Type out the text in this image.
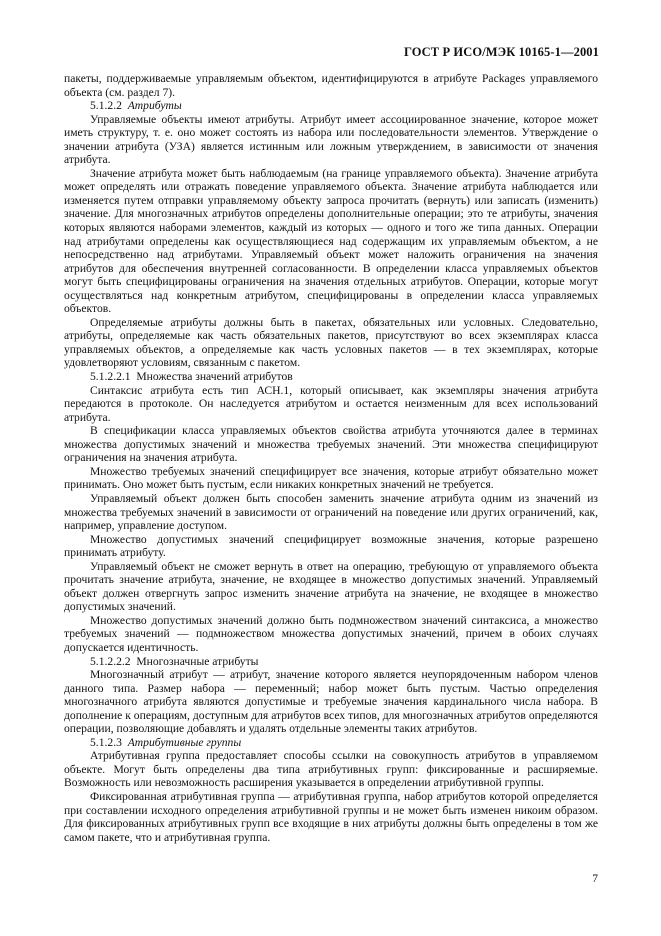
ГОСТ Р ИСО/МЭК 10165-1—2001

пакеты, поддерживаемые управляемым объектом, идентифицируются в атрибуте Packages управляемого объекта (см. раздел 7).

5.1.2.2 Атрибуты

Управляемые объекты имеют атрибуты. Атрибут имеет ассоциированное значение, которое может иметь структуру, т. е. оно может состоять из набора или последовательности элементов. Утверждение о значении атрибута (УЗА) является истинным или ложным утверждением, в зависимости от значения атрибута.

Значение атрибута может быть наблюдаемым (на границе управляемого объекта). Значение атрибута может определять или отражать поведение управляемого объекта. Значение атрибута наблюдается или изменяется путем отправки управляемому объекту запроса прочитать (вернуть) или записать (изменить) значение. Для многозначных атрибутов определены дополнительные операции; это те атрибуты, значения которых являются наборами элементов, каждый из которых — одного и того же типа данных. Операции над атрибутами определены как осуществляющиеся над содержащим их управляемым объектом, а не непосредственно над атрибутами. Управляемый объект может наложить ограничения на значения атрибутов для обеспечения внутренней согласованности. В определении класса управляемых объектов могут быть специфицированы ограничения на значения отдельных атрибутов. Операции, которые могут осуществляться над конкретным атрибутом, специфицированы в определении класса управляемых объектов.

Определяемые атрибуты должны быть в пакетах, обязательных или условных. Следовательно, атрибуты, определяемые как часть обязательных пакетов, присутствуют во всех экземплярах класса управляемых объектов, а определяемые как часть условных пакетов — в тех экземплярах, которые удовлетворяют условиям, связанным с пакетом.

5.1.2.2.1 Множества значений атрибутов

Синтаксис атрибута есть тип АСН.1, который описывает, как экземпляры значения атрибута передаются в протоколе. Он наследуется атрибутом и остается неизменным для всех использований атрибута.

В спецификации класса управляемых объектов свойства атрибута уточняются далее в терминах множества допустимых значений и множества требуемых значений. Эти множества специфицируют ограничения на значения атрибута.

Множество требуемых значений специфицирует все значения, которые атрибут обязательно может принимать. Оно может быть пустым, если никаких конкретных значений не требуется.

Управляемый объект должен быть способен заменить значение атрибута одним из значений из множества требуемых значений в зависимости от ограничений на поведение или других ограничений, как, например, управление доступом.

Множество допустимых значений специфицирует возможные значения, которые разрешено принимать атрибуту.

Управляемый объект не сможет вернуть в ответ на операцию, требующую от управляемого объекта прочитать значение атрибута, значение, не входящее в множество допустимых значений. Управляемый объект должен отвергнуть запрос изменить значение атрибута на значение, не входящее в множество допустимых значений.

Множество допустимых значений должно быть подмножеством значений синтаксиса, а множество требуемых значений — подмножеством множества допустимых значений, причем в обоих случаях допускается идентичность.

5.1.2.2.2 Многозначные атрибуты

Многозначный атрибут — атрибут, значение которого является неупорядоченным набором членов данного типа. Размер набора — переменный; набор может быть пустым. Частью определения многозначного атрибута являются допустимые и требуемые значения кардинального числа набора. В дополнение к операциям, доступным для атрибутов всех типов, для многозначных атрибутов определяются операции, позволяющие добавлять и удалять отдельные элементы таких атрибутов.

5.1.2.3 Атрибутивные группы

Атрибутивная группа предоставляет способы ссылки на совокупность атрибутов в управляемом объекте. Могут быть определены два типа атрибутивных групп: фиксированные и расширяемые. Возможность или невозможность расширения указывается в определении атрибутивной группы.

Фиксированная атрибутивная группа — атрибутивная группа, набор атрибутов которой определяется при составлении исходного определения атрибутивной группы и не может быть изменен никоим образом. Для фиксированных атрибутивных групп все входящие в них атрибуты должны быть определены в том же самом пакете, что и атрибутивная группа.

7
